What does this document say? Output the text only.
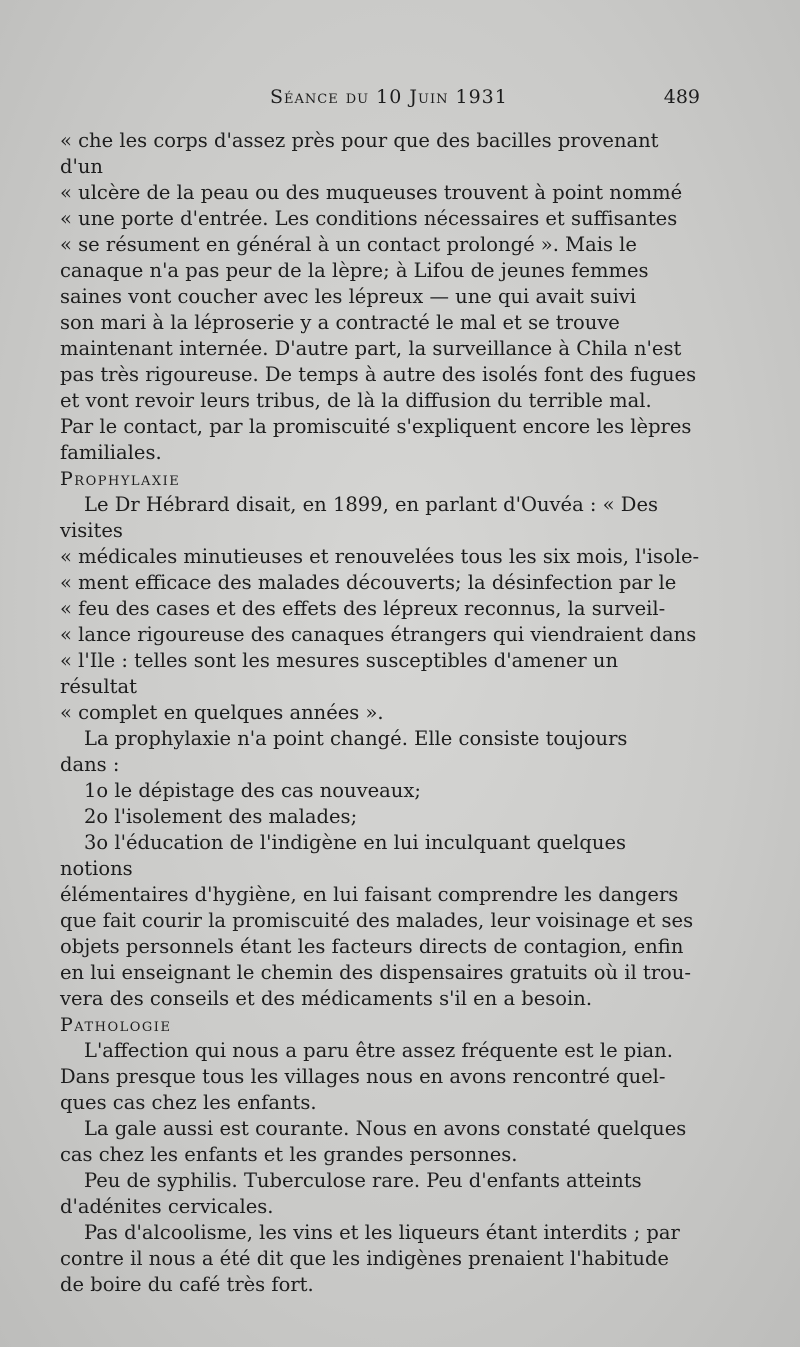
Séance du 10 Juin 1931	489

« che les corps d'assez près pour que des bacilles provenant d'un
« ulcère de la peau ou des muqueuses trouvent à point nommé
« une porte d'entrée. Les conditions nécessaires et suffisantes
« se résument en général à un contact prolongé ». Mais le
canaque n'a pas peur de la lèpre; à Lifou de jeunes femmes
saines vont coucher avec les lépreux — une qui avait suivi
son mari à la léproserie y a contracté le mal et se trouve
maintenant internée. D'autre part, la surveillance à Chila n'est
pas très rigoureuse. De temps à autre des isolés font des fugues
et vont revoir leurs tribus, de là la diffusion du terrible mal.
Par le contact, par la promiscuité s'expliquent encore les lèpres
familiales.

Prophylaxie

Le Dr Hébrard disait, en 1899, en parlant d'Ouvéa : « Des visites
« médicales minutieuses et renouvelées tous les six mois, l'isole-
« ment efficace des malades découverts; la désinfection par le
« feu des cases et des effets des lépreux reconnus, la surveil-
« lance rigoureuse des canaques étrangers qui viendraient dans
« l'Ile : telles sont les mesures susceptibles d'amener un résultat
« complet en quelques années ».

La prophylaxie n'a point changé. Elle consiste toujours
dans :

1o le dépistage des cas nouveaux;

2o l'isolement des malades;

3o l'éducation de l'indigène en lui inculquant quelques notions
élémentaires d'hygiène, en lui faisant comprendre les dangers
que fait courir la promiscuité des malades, leur voisinage et ses
objets personnels étant les facteurs directs de contagion, enfin
en lui enseignant le chemin des dispensaires gratuits où il trou-
vera des conseils et des médicaments s'il en a besoin.

Pathologie

L'affection qui nous a paru être assez fréquente est le pian.
Dans presque tous les villages nous en avons rencontré quel-
ques cas chez les enfants.

La gale aussi est courante. Nous en avons constaté quelques
cas chez les enfants et les grandes personnes.

Peu de syphilis. Tuberculose rare. Peu d'enfants atteints
d'adénites cervicales.

Pas d'alcoolisme, les vins et les liqueurs étant interdits ; par
contre il nous a été dit que les indigènes prenaient l'habitude
de boire du café très fort.
